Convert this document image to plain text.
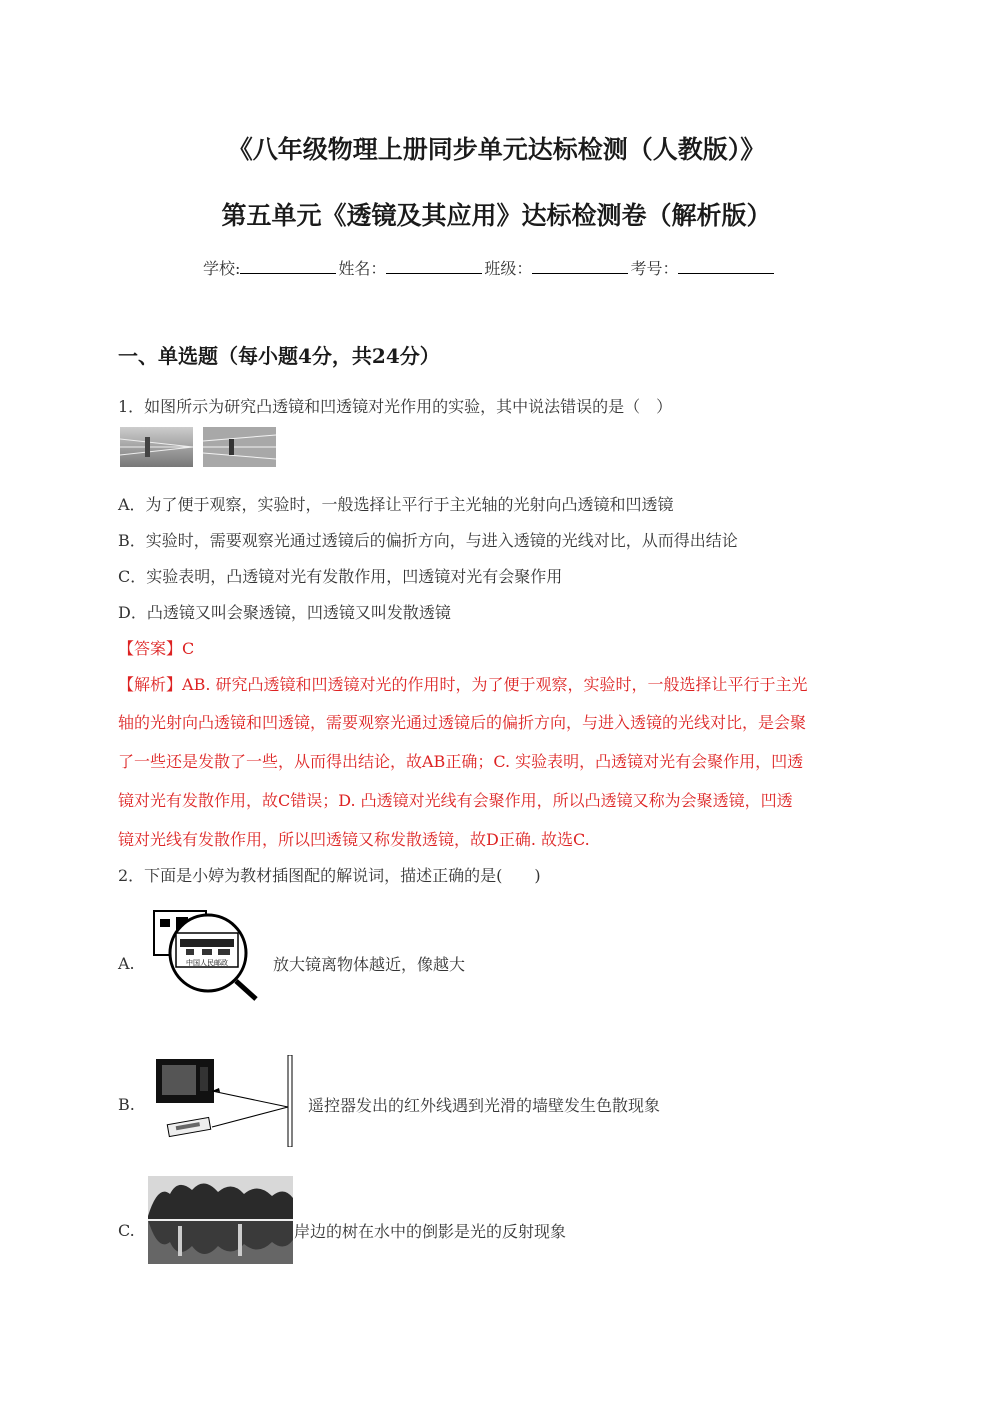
《八年级物理上册同步单元达标检测（人教版）》
第五单元《透镜及其应用》达标检测卷（解析版）
学校:	姓名：	班级：	考号：
一、单选题（每小题4分，共24分）
1．如图所示为研究凸透镜和凹透镜对光作用的实验，其中说法错误的是（　）
A．为了便于观察，实验时，一般选择让平行于主光轴的光射向凸透镜和凹透镜
B．实验时，需要观察光通过透镜后的偏折方向，与进入透镜的光线对比，从而得出结论
C．实验表明，凸透镜对光有发散作用，凹透镜对光有会聚作用
D．凸透镜又叫会聚透镜，凹透镜又叫发散透镜
【答案】C
【解析】AB. 研究凸透镜和凹透镜对光的作用时，为了便于观察，实验时，一般选择让平行于主光
轴的光射向凸透镜和凹透镜，需要观察光通过透镜后的偏折方向，与进入透镜的光线对比，是会聚
了一些还是发散了一些，从而得出结论，故AB正确；C. 实验表明，凸透镜对光有会聚作用，凹透
镜对光有发散作用，故C错误；D. 凸透镜对光线有会聚作用，所以凸透镜又称为会聚透镜，凹透
镜对光线有发散作用，所以凹透镜又称发散透镜，故D正确. 故选C.
2．下面是小婷为教材插图配的解说词，描述正确的是(　　)
A.	中国人民邮政	放大镜离物体越近，像越大
B.	遥控器发出的红外线遇到光滑的墙壁发生色散现象
C.	岸边的树在水中的倒影是光的反射现象
